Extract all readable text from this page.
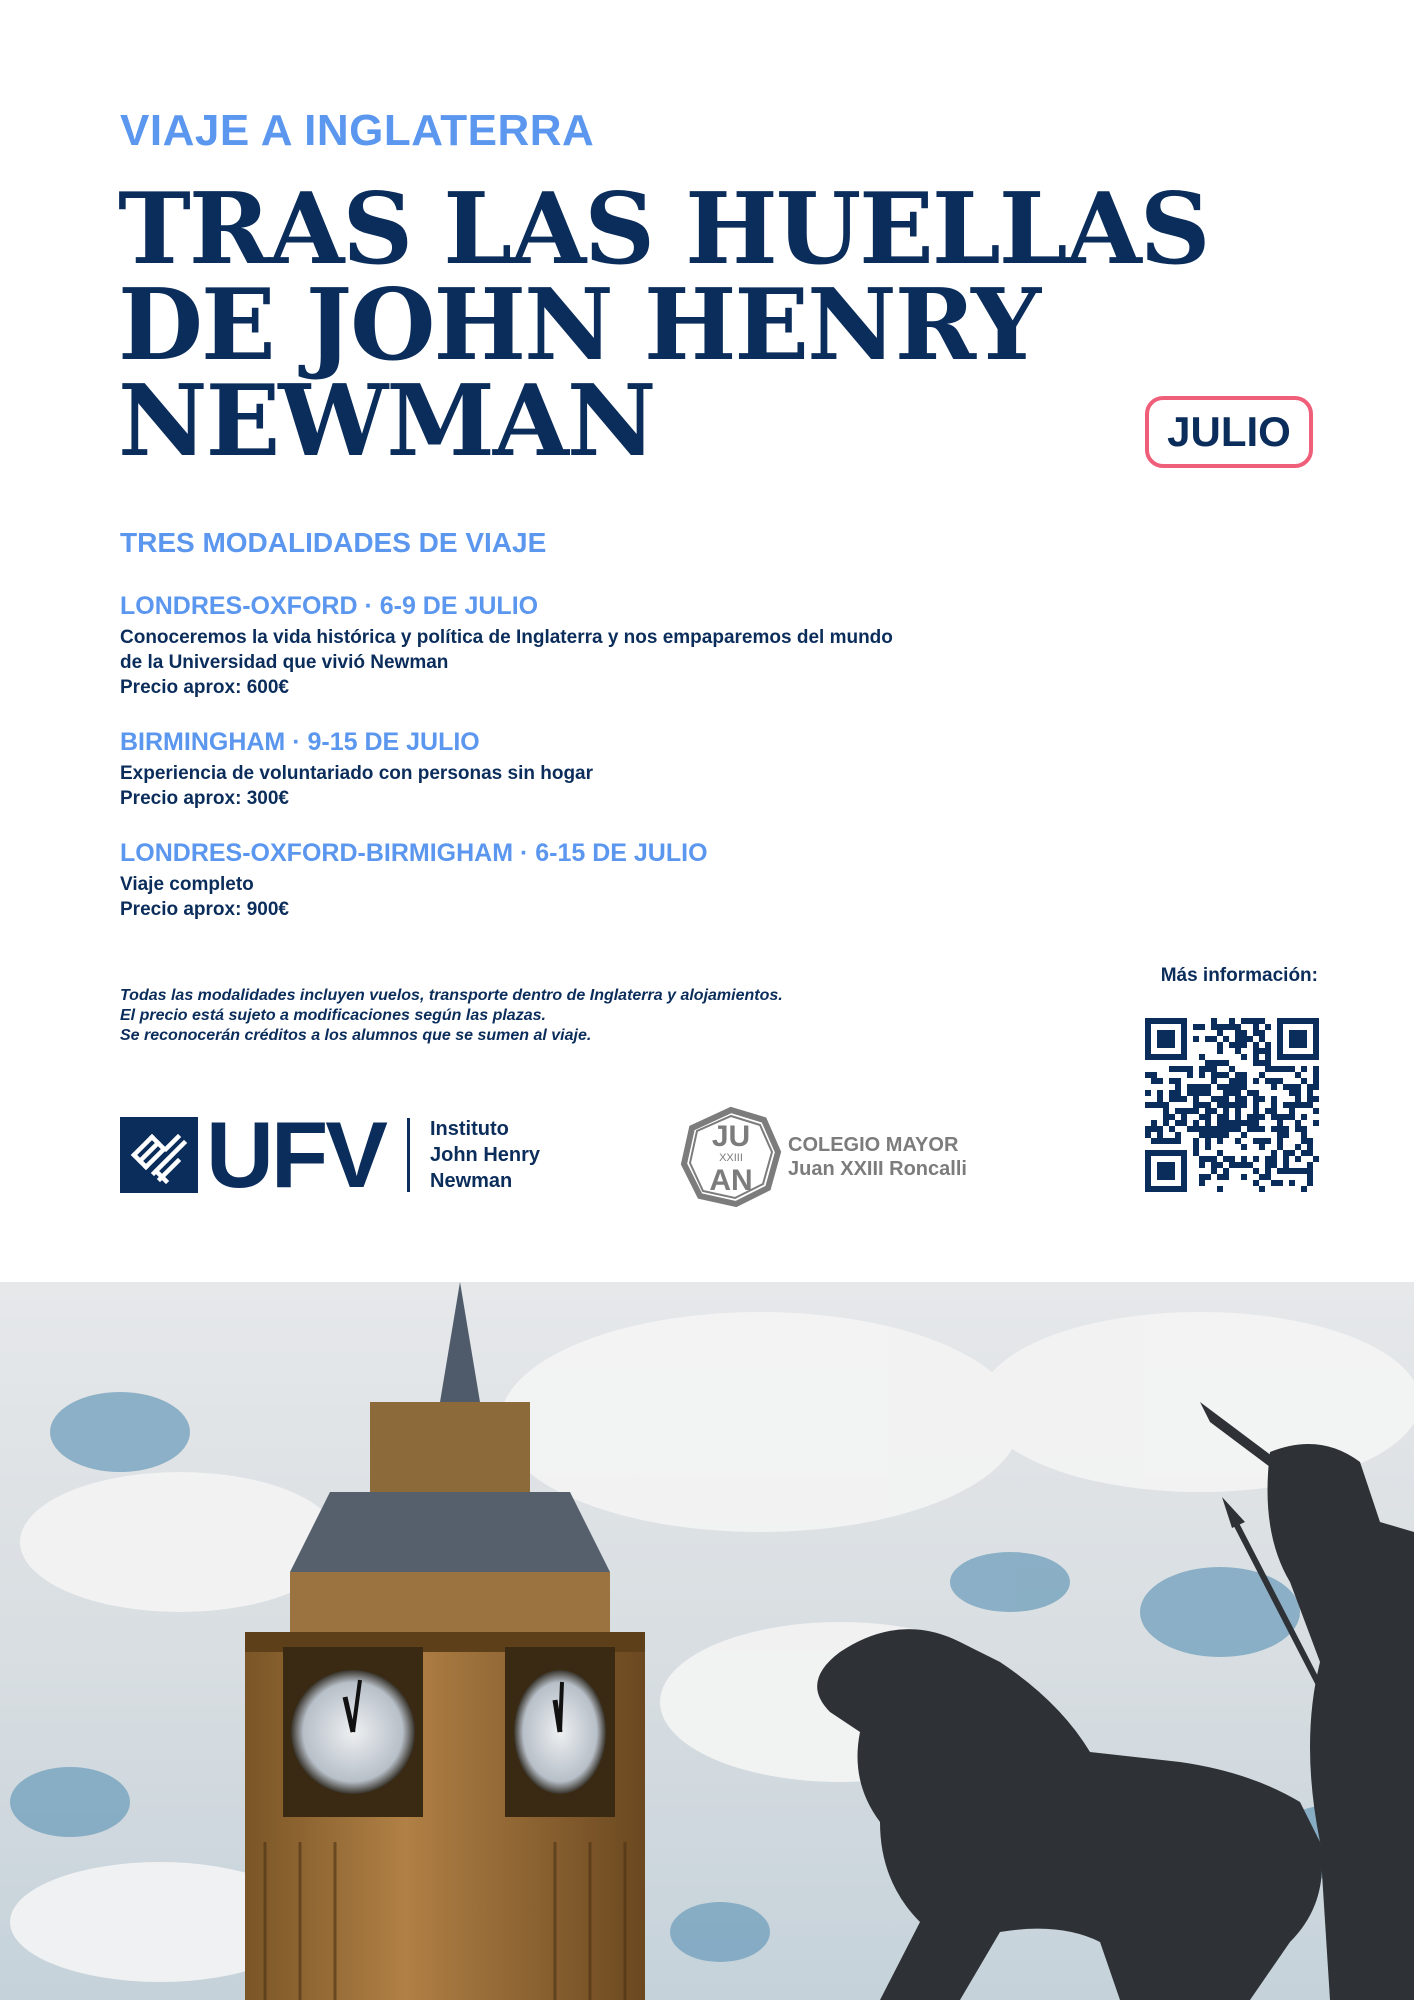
VIAJE A INGLATERRA
TRAS LAS HUELLAS
DE JOHN HENRY
NEWMAN	JULIO
TRES MODALIDADES DE VIAJE
LONDRES-OXFORD · 6-9 DE JULIO
Conoceremos la vida histórica y política de Inglaterra y nos empaparemos del mundo
de la Universidad que vivió Newman
Precio aprox: 600€
BIRMINGHAM · 9-15 DE JULIO
Experiencia de voluntariado con personas sin hogar
Precio aprox: 300€
LONDRES-OXFORD-BIRMIGHAM · 6-15 DE JULIO
Viaje completo
Precio aprox: 900€
Todas las modalidades incluyen vuelos, transporte dentro de Inglaterra y alojamientos.
El precio está sujeto a modificaciones según las plazas.
Se reconocerán créditos a los alumnos que se sumen al viaje.
Más información:
UFV Instituto
John Henry
Newman
JU
XXIII
AN
COLEGIO MAYOR
Juan XXIII Roncalli
